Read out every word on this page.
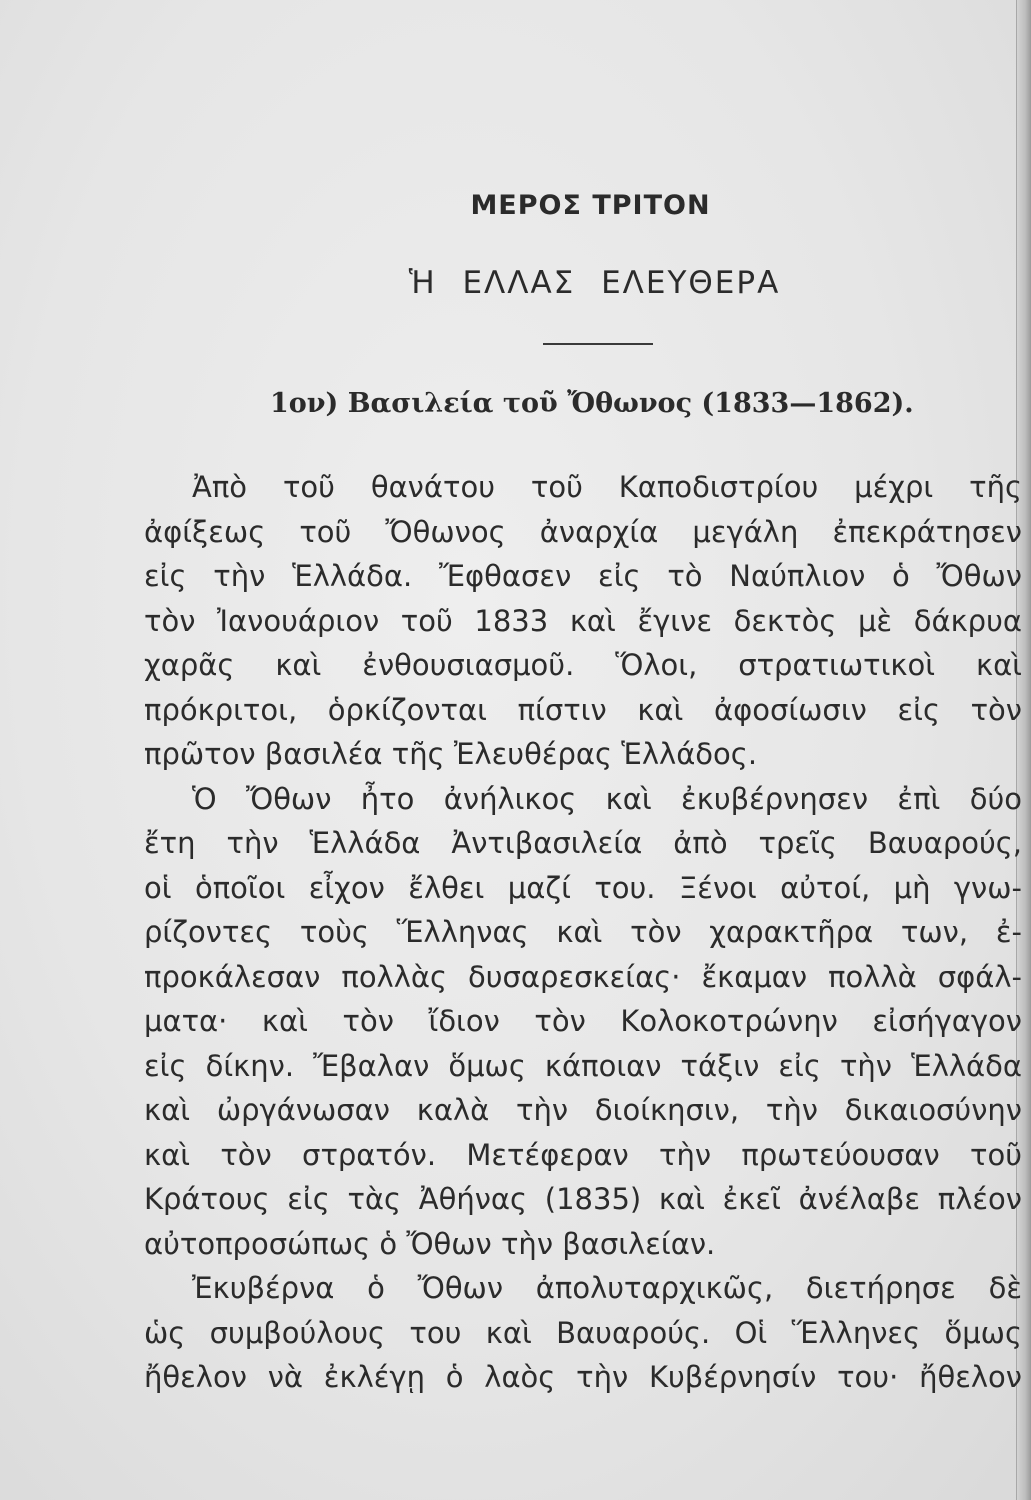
ΜΕΡΟΣ ΤΡΙΤΟΝ
Ἡ ΕΛΛΑΣ ΕΛΕΥΘΕΡΑ
1ον) Βασιλεία τοῦ Ὄθωνος (1833—1862).
Ἀπὸ τοῦ θανάτου τοῦ Καποδιστρίου μέχρι τῆς
ἀφίξεως τοῦ Ὄθωνος ἀναρχία μεγάλη ἐπεκράτησεν
εἰς τὴν Ἑλλάδα. Ἔφθασεν εἰς τὸ Ναύπλιον ὁ Ὄθων
τὸν Ἰανουάριον τοῦ 1833 καὶ ἔγινε δεκτὸς μὲ δάκρυα
χαρᾶς καὶ ἐνθουσιασμοῦ. Ὅλοι, στρατιωτικοὶ καὶ
πρόκριτοι, ὁρκίζονται πίστιν καὶ ἀφοσίωσιν εἰς τὸν
πρῶτον βασιλέα τῆς Ἐλευθέρας Ἑλλάδος.
Ὁ Ὄθων ἦτο ἀνήλικος καὶ ἐκυβέρνησεν ἐπὶ δύο
ἔτη τὴν Ἑλλάδα Ἀντιβασιλεία ἀπὸ τρεῖς Βαυαρούς,
οἱ ὁποῖοι εἶχον ἔλθει μαζί του. Ξένοι αὐτοί, μὴ γνω-
ρίζοντες τοὺς Ἕλληνας καὶ τὸν χαρακτῆρα των, ἐ-
προκάλεσαν πολλὰς δυσαρεσκείας· ἔκαμαν πολλὰ σφάλ-
ματα· καὶ τὸν ἴδιον τὸν Κολοκοτρώνην εἰσήγαγον
εἰς δίκην. Ἔβαλαν ὅμως κάποιαν τάξιν εἰς τὴν Ἑλλάδα
καὶ ὠργάνωσαν καλὰ τὴν διοίκησιν, τὴν δικαιοσύνην
καὶ τὸν στρατόν. Μετέφεραν τὴν πρωτεύουσαν τοῦ
Κράτους εἰς τὰς Ἀθήνας (1835) καὶ ἐκεῖ ἀνέλαβε πλέον
αὐτοπροσώπως ὁ Ὄθων τὴν βασιλείαν.
Ἐκυβέρνα ὁ Ὄθων ἀπολυταρχικῶς, διετήρησε δὲ
ὡς συμβούλους του καὶ Βαυαρούς. Οἱ Ἕλληνες ὅμως
ἤθελον νὰ ἐκλέγῃ ὁ λαὸς τὴν Κυβέρνησίν του· ἤθελον
